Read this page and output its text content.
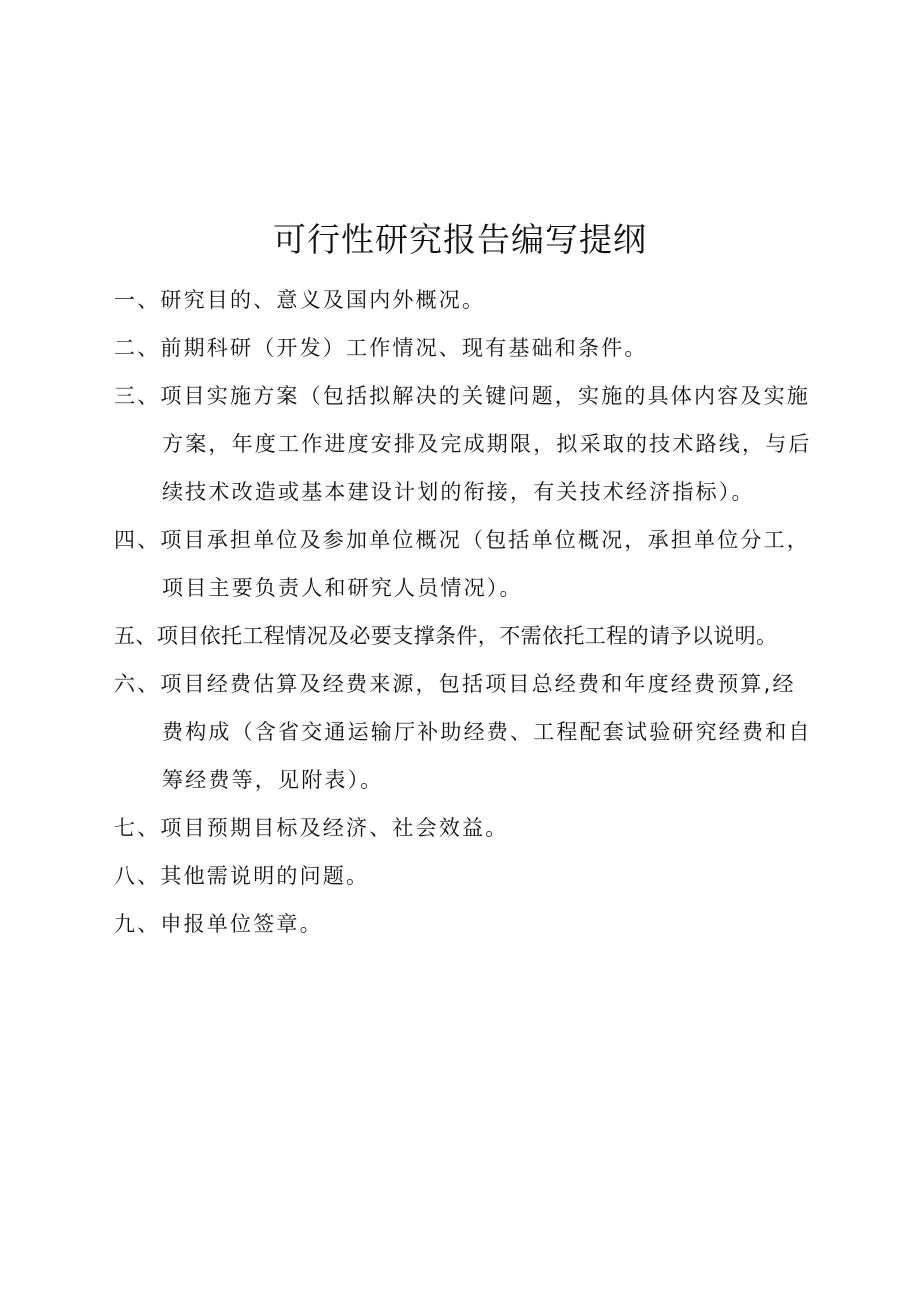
可行性研究报告编写提纲
一、研究目的、意义及国内外概况。
二、前期科研（开发）工作情况、现有基础和条件。
三、项目实施方案（包括拟解决的关键问题，实施的具体内容及实施
方案，年度工作进度安排及完成期限，拟采取的技术路线，与后
续技术改造或基本建设计划的衔接，有关技术经济指标）。
四、项目承担单位及参加单位概况（包括单位概况，承担单位分工，
项目主要负责人和研究人员情况）。
五、项目依托工程情况及必要支撑条件，不需依托工程的请予以说明。
六、项目经费估算及经费来源，包括项目总经费和年度经费预算,经
费构成（含省交通运输厅补助经费、工程配套试验研究经费和自
筹经费等，见附表）。
七、项目预期目标及经济、社会效益。
八、其他需说明的问题。
九、申报单位签章。
